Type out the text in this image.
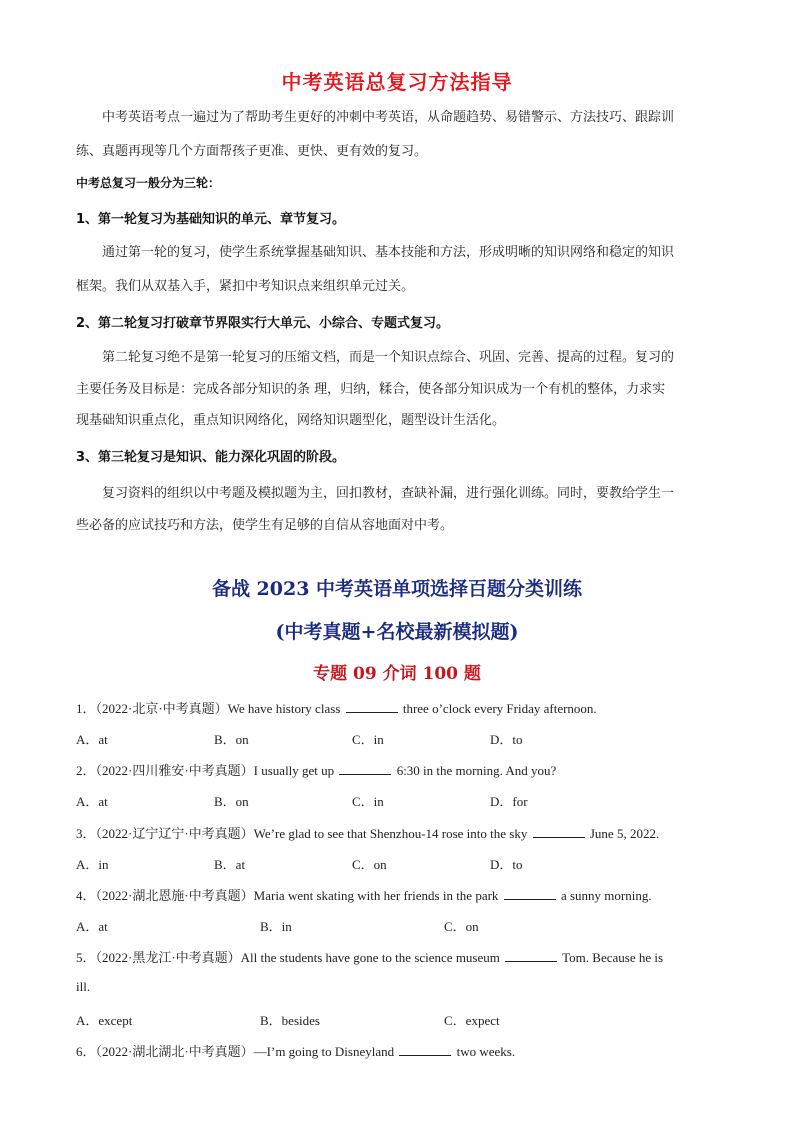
中考英语总复习方法指导
中考英语考点一遍过为了帮助考生更好的冲刺中考英语，从命题趋势、易错警示、方法技巧、跟踪训
练、真题再现等几个方面帮孩子更准、更快、更有效的复习。
中考总复习一般分为三轮：
1、第一轮复习为基础知识的单元、章节复习。
通过第一轮的复习，使学生系统掌握基础知识、基本技能和方法，形成明晰的知识网络和稳定的知识
框架。我们从双基入手，紧扣中考知识点来组织单元过关。
2、第二轮复习打破章节界限实行大单元、小综合、专题式复习。
第二轮复习绝不是第一轮复习的压缩文档，而是一个知识点综合、巩固、完善、提高的过程。复习的
主要任务及目标是：完成各部分知识的条 理，归纳，糅合，使各部分知识成为一个有机的整体，力求实
现基础知识重点化，重点知识网络化，网络知识题型化，题型设计生活化。
3、第三轮复习是知识、能力深化巩固的阶段。
复习资料的组织以中考题及模拟题为主，回扣教材，查缺补漏，进行强化训练。同时，要教给学生一
些必备的应试技巧和方法，使学生有足够的自信从容地面对中考。
备战 2023 中考英语单项选择百题分类训练
(中考真题+名校最新模拟题)
专题 09 介词 100 题
1．（2022·北京·中考真题）We have history class	three o’clock every Friday afternoon.
A．at	B．on	C．in	D．to
2．（2022·四川雅安·中考真题）I usually get up	6:30 in the morning. And you?
A．at	B．on	C．in	D．for
3．（2022·辽宁辽宁·中考真题）We’re glad to see that Shenzhou-14 rose into the sky	June 5, 2022.
A．in	B．at	C．on	D．to
4．（2022·湖北恩施·中考真题）Maria went skating with her friends in the park	a sunny morning.
A．at	B．in	C．on
5．（2022·黑龙江·中考真题）All the students have gone to the science museum	Tom. Because he is
ill.
A．except	B．besides	C．expect
6．（2022·湖北湖北·中考真题）—I’m going to Disneyland	two weeks.
